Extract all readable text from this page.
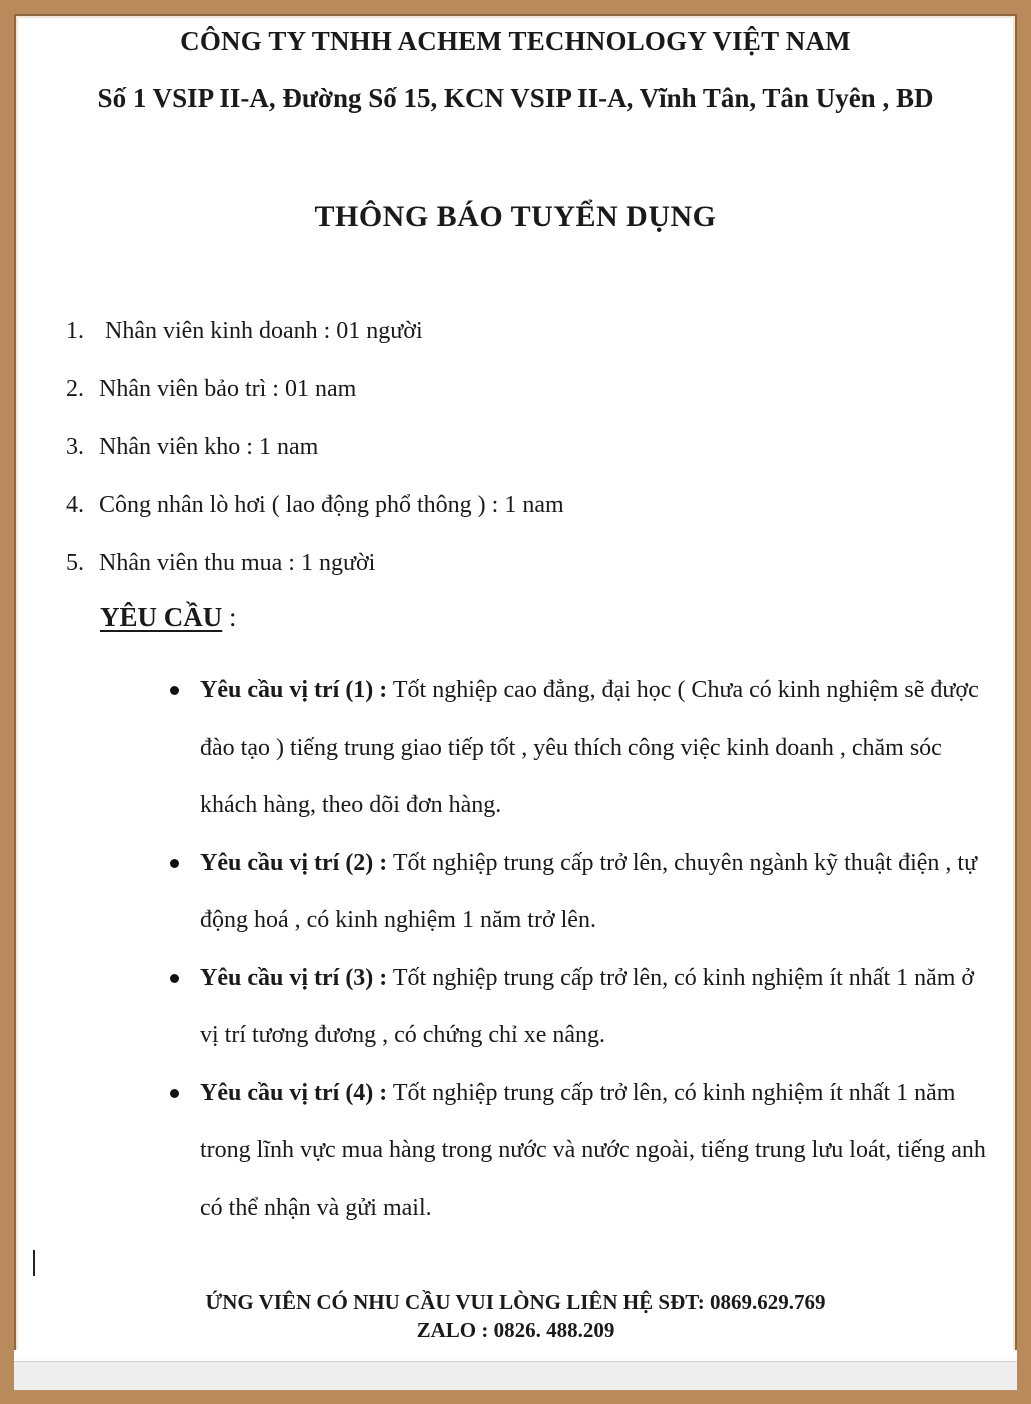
CÔNG TY TNHH ACHEM TECHNOLOGY VIỆT NAM
Số 1 VSIP II-A, Đường Số 15, KCN VSIP II-A, Vĩnh Tân, Tân Uyên , BD
THÔNG BÁO TUYỂN DỤNG
1. Nhân viên kinh doanh : 01 người
2. Nhân viên bảo trì : 01 nam
3. Nhân viên kho : 1 nam
4. Công nhân lò hơi ( lao động phổ thông ) : 1 nam
5. Nhân viên thu mua : 1 người
YÊU CẦU :
Yêu cầu vị trí (1) : Tốt nghiệp cao đẳng, đại học ( Chưa có kinh nghiệm sẽ được đào tạo ) tiếng trung giao tiếp tốt , yêu thích công việc kinh doanh , chăm sóc khách hàng, theo dõi đơn hàng.
Yêu cầu vị trí (2) : Tốt nghiệp trung cấp trở lên, chuyên ngành kỹ thuật điện , tự động hoá , có kinh nghiệm 1 năm trở lên.
Yêu cầu vị trí (3) : Tốt nghiệp trung cấp trở lên, có kinh nghiệm ít nhất 1 năm ở vị trí tương đương , có chứng chỉ xe nâng.
Yêu cầu vị trí (4) : Tốt nghiệp trung cấp trở lên, có kinh nghiệm ít nhất 1 năm trong lĩnh vực mua hàng trong nước và nước ngoài, tiếng trung lưu loát, tiếng anh có thể nhận và gửi mail.
ỨNG VIÊN CÓ NHU CẦU VUI LÒNG LIÊN HỆ SĐT: 0869.629.769
ZALO : 0826. 488.209
